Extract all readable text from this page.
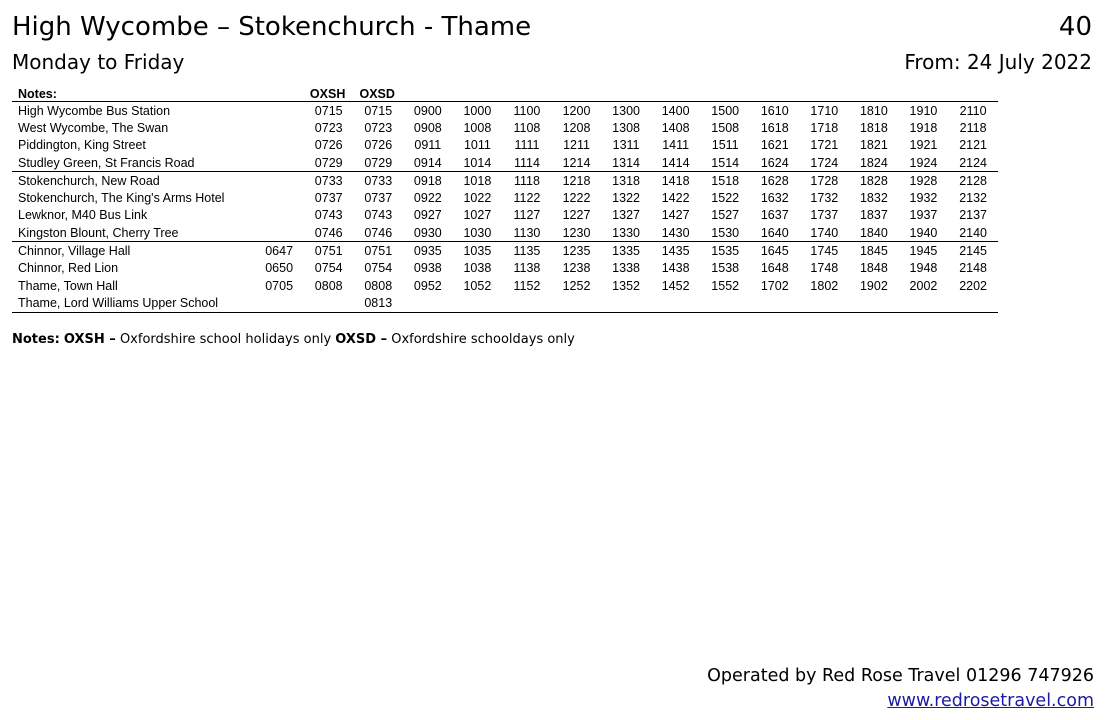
High Wycombe – Stokenchurch - Thame	40
Monday to Friday	From: 24 July 2022
Notes:		OXSH	OXSD												
High Wycombe Bus Station		0715	0715	0900	1000	1100	1200	1300	1400	1500	1610	1710	1810	1910	2110
West Wycombe, The Swan		0723	0723	0908	1008	1108	1208	1308	1408	1508	1618	1718	1818	1918	2118
Piddington, King Street		0726	0726	0911	1011	1111	1211	1311	1411	1511	1621	1721	1821	1921	2121
Studley Green, St Francis Road		0729	0729	0914	1014	1114	1214	1314	1414	1514	1624	1724	1824	1924	2124
Stokenchurch, New Road		0733	0733	0918	1018	1118	1218	1318	1418	1518	1628	1728	1828	1928	2128
Stokenchurch, The King's Arms Hotel		0737	0737	0922	1022	1122	1222	1322	1422	1522	1632	1732	1832	1932	2132
Lewknor, M40 Bus Link		0743	0743	0927	1027	1127	1227	1327	1427	1527	1637	1737	1837	1937	2137
Kingston Blount, Cherry Tree		0746	0746	0930	1030	1130	1230	1330	1430	1530	1640	1740	1840	1940	2140
Chinnor, Village Hall	0647	0751	0751	0935	1035	1135	1235	1335	1435	1535	1645	1745	1845	1945	2145
Chinnor, Red Lion	0650	0754	0754	0938	1038	1138	1238	1338	1438	1538	1648	1748	1848	1948	2148
Thame, Town Hall	0705	0808	0808	0952	1052	1152	1252	1352	1452	1552	1702	1802	1902	2002	2202
Thame, Lord Williams Upper School			0813												
Notes: OXSH – Oxfordshire school holidays only OXSD – Oxfordshire schooldays only
Operated by Red Rose Travel 01296 747926
www.redrosetravel.com
